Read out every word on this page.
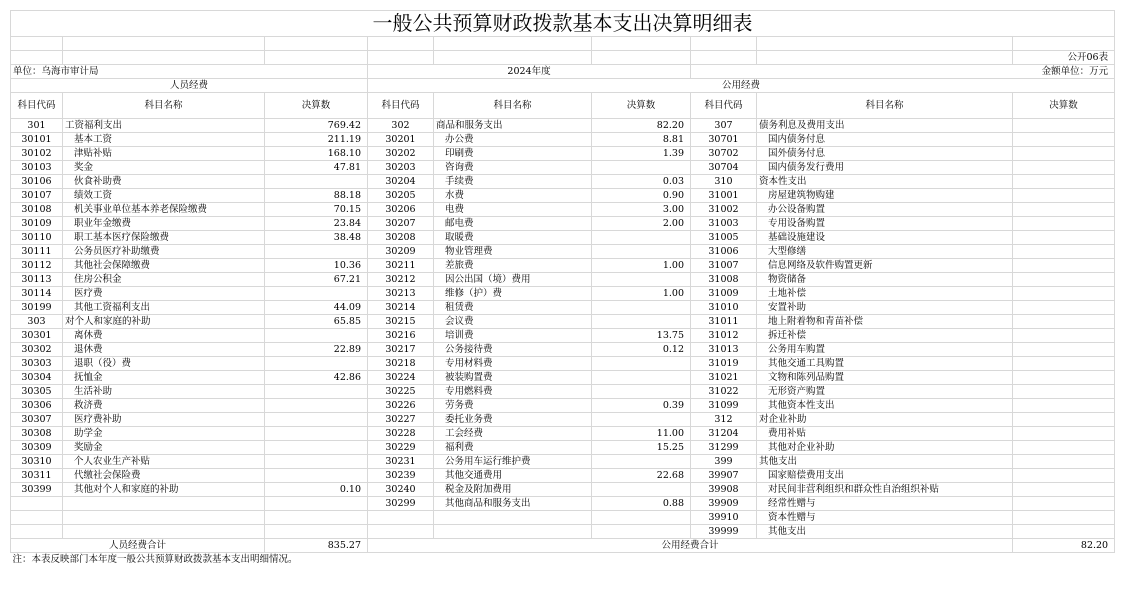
一般公共预算财政拨款基本支出决算明细表								

								公开06表
单位：乌海市审计局			2024年度			金额单位：万元		
人员经费			公用经费					
科目代码	科目名称	决算数	科目代码	科目名称	决算数	科目代码	科目名称	决算数
301	工资福利支出	769.42	302	商品和服务支出	82.20	307	债务利息及费用支出	
30101	基本工资	211.19	30201	办公费	8.81	30701	国内债务付息	
30102	津贴补贴	168.10	30202	印刷费	1.39	30702	国外债务付息	
30103	奖金	47.81	30203	咨询费		30704	国内债务发行费用	
30106	伙食补助费		30204	手续费	0.03	310	资本性支出	
30107	绩效工资	88.18	30205	水费	0.90	31001	房屋建筑物购建	
30108	机关事业单位基本养老保险缴费	70.15	30206	电费	3.00	31002	办公设备购置	
30109	职业年金缴费	23.84	30207	邮电费	2.00	31003	专用设备购置	
30110	职工基本医疗保险缴费	38.48	30208	取暖费		31005	基础设施建设	
30111	公务员医疗补助缴费		30209	物业管理费		31006	大型修缮	
30112	其他社会保障缴费	10.36	30211	差旅费	1.00	31007	信息网络及软件购置更新	
30113	住房公积金	67.21	30212	因公出国（境）费用		31008	物资储备	
30114	医疗费		30213	维修（护）费	1.00	31009	土地补偿	
30199	其他工资福利支出	44.09	30214	租赁费		31010	安置补助	
303	对个人和家庭的补助	65.85	30215	会议费		31011	地上附着物和青苗补偿	
30301	离休费		30216	培训费	13.75	31012	拆迁补偿	
30302	退休费	22.89	30217	公务接待费	0.12	31013	公务用车购置	
30303	退职（役）费		30218	专用材料费		31019	其他交通工具购置	
30304	抚恤金	42.86	30224	被装购置费		31021	文物和陈列品购置	
30305	生活补助		30225	专用燃料费		31022	无形资产购置	
30306	救济费		30226	劳务费	0.39	31099	其他资本性支出	
30307	医疗费补助		30227	委托业务费		312	对企业补助	
30308	助学金		30228	工会经费	11.00	31204	费用补贴	
30309	奖励金		30229	福利费	15.25	31299	其他对企业补助	
30310	个人农业生产补贴		30231	公务用车运行维护费		399	其他支出	
30311	代缴社会保险费		30239	其他交通费用	22.68	39907	国家赔偿费用支出	
30399	其他对个人和家庭的补助	0.10	30240	税金及附加费用		39908	对民间非营利组织和群众性自治组织补贴	
			30299	其他商品和服务支出	0.88	39909	经常性赠与	
						39910	资本性赠与	
						39999	其他支出	
人员经费合计		835.27	公用经费合计					82.20
注：本表反映部门本年度一般公共预算财政拨款基本支出明细情况。								
